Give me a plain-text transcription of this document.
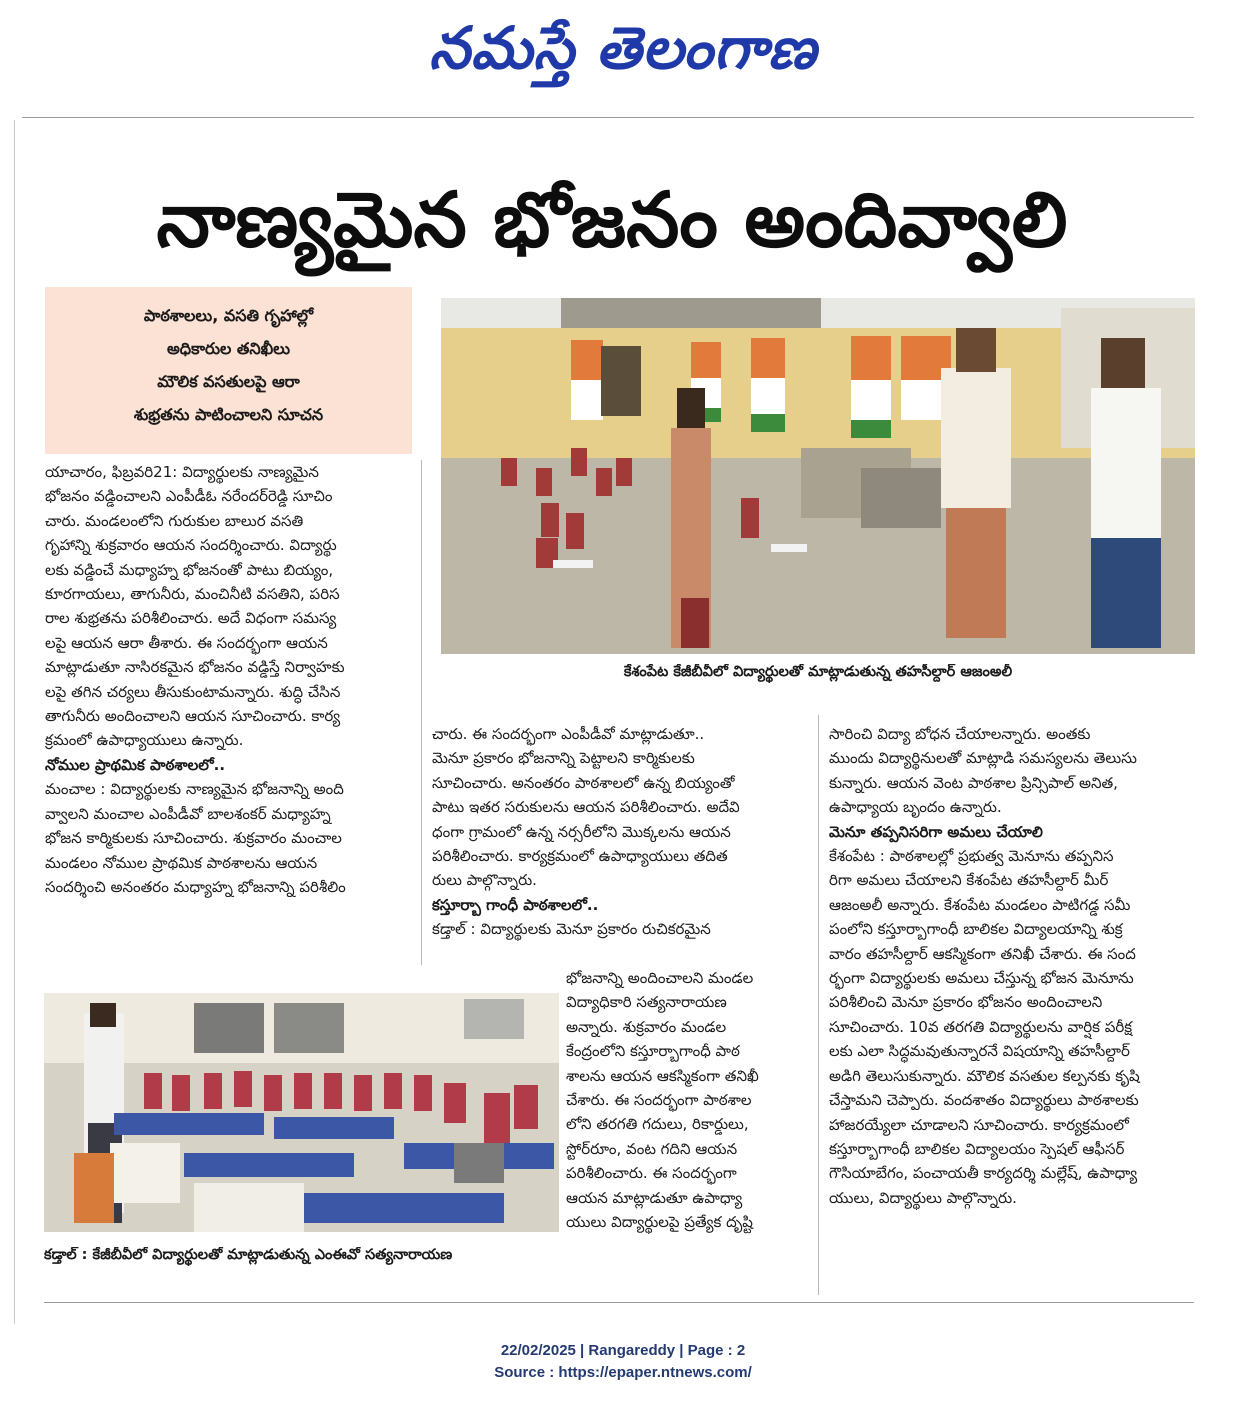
నమస్తే తెలంగాణ
నాణ్యమైన భోజనం అందివ్వాలి
పాఠశాలలు, వసతి గృహాల్లో
అధికారుల తనిఖీలు
మౌలిక వసతులపై ఆరా
శుభ్రతను పాటించాలని సూచన
కేశంపేట కేజీబీవీలో విద్యార్థులతో మాట్లాడుతున్న తహసీల్దార్ ఆజంఅలీ
కడ్తాల్ : కేజీబీవీలో విద్యార్థులతో మాట్లాడుతున్న ఎంఈవో సత్యనారాయణ

యాచారం, ఫిబ్రవరి21: విద్యార్థులకు నాణ్యమైన

భోజనం వడ్డించాలని ఎంపీడీఓ నరేందర్‌రెడ్డి సూచిం

చారు. మండలంలోని గురుకుల బాలుర వసతి

గృహాన్ని శుక్రవారం ఆయన సందర్శించారు. విద్యార్థు

లకు వడ్డించే మధ్యాహ్న భోజనంతో పాటు బియ్యం,

కూరగాయలు, తాగునీరు, మంచినీటి వసతిని, పరిస

రాల శుభ్రతను పరిశీలించారు. అదే విధంగా సమస్య

లపై ఆయన ఆరా తీశారు. ఈ సందర్భంగా ఆయన

మాట్లాడుతూ నాసిరకమైన భోజనం వడ్డిస్తే నిర్వాహకు

లపై తగిన చర్యలు తీసుకుంటామన్నారు. శుద్ధి చేసిన

తాగునీరు అందించాలని ఆయన సూచించారు. కార్య

క్రమంలో ఉపాధ్యాయులు ఉన్నారు.

నోముల ప్రాథమిక పాఠశాలలో..

మంచాల : విద్యార్థులకు నాణ్యమైన భోజనాన్ని అంది

వ్వాలని మంచాల ఎంపీడీవో బాలశంకర్ మధ్యాహ్న

భోజన కార్మికులకు సూచించారు. శుక్రవారం మంచాల

మండలం నోముల ప్రాథమిక పాఠశాలను ఆయన

సందర్శించి అనంతరం మధ్యాహ్న భోజనాన్ని పరిశీలిం

చారు. ఈ సందర్భంగా ఎంపీడీవో మాట్లాడుతూ..

మెనూ ప్రకారం భోజనాన్ని పెట్టాలని కార్మికులకు

సూచించారు. అనంతరం పాఠశాలలో ఉన్న బియ్యంతో

పాటు ఇతర సరుకులను ఆయన పరిశీలించారు. అదేవి

ధంగా గ్రామంలో ఉన్న నర్సరీలోని మొక్కలను ఆయన

పరిశీలించారు. కార్యక్రమంలో ఉపాధ్యాయులు తదిత

రులు పాల్గొన్నారు.

కస్తూర్బా గాంధీ పాఠశాలలో..

కడ్తాల్ : విద్యార్థులకు మెనూ ప్రకారం రుచికరమైన

భోజనాన్ని అందించాలని మండల

విద్యాధికారి సత్యనారాయణ

అన్నారు. శుక్రవారం మండల

కేంద్రంలోని కస్తూర్బాగాంధీ పాఠ

శాలను ఆయన ఆకస్మికంగా తనిఖీ

చేశారు. ఈ సందర్భంగా పాఠశాల

లోని తరగతి గదులు, రికార్డులు,

స్టోర్‌రూం, వంట గదిని ఆయన

పరిశీలించారు. ఈ సందర్భంగా

ఆయన మాట్లాడుతూ ఉపాధ్యా

యులు విద్యార్థులపై ప్రత్యేక దృష్టి

సారించి విద్యా బోధన చేయాలన్నారు. అంతకు

ముందు విద్యార్థినులతో మాట్లాడి సమస్యలను తెలుసు

కున్నారు. ఆయన వెంట పాఠశాల ప్రిన్సిపాల్ అనిత,

ఉపాధ్యాయ బృందం ఉన్నారు.

మెనూ తప్పనిసరిగా అమలు చేయాలి

కేశంపేట : పాఠశాలల్లో ప్రభుత్వ మెనూను తప్పనిస

రిగా అమలు చేయాలని కేశంపేట తహసీల్దార్ మీర్

ఆజంఅలీ అన్నారు. కేశంపేట మండలం పాటిగడ్డ సమీ

పంలోని కస్తూర్బాగాంధీ బాలికల విద్యాలయాన్ని శుక్ర

వారం తహసీల్దార్ ఆకస్మికంగా తనిఖీ చేశారు. ఈ సంద

ర్భంగా విద్యార్థులకు అమలు చేస్తున్న భోజన మెనూను

పరిశీలించి మెనూ ప్రకారం భోజనం అందించాలని

సూచించారు. 10వ తరగతి విద్యార్థులను వార్షిక పరీక్ష

లకు ఎలా సిద్ధమవుతున్నారనే విషయాన్ని తహసీల్దార్

అడిగి తెలుసుకున్నారు. మౌలిక వసతుల కల్పనకు కృషి

చేస్తామని చెప్పారు. వందశాతం విద్యార్థులు పాఠశాలకు

హాజరయ్యేలా చూడాలని సూచించారు. కార్యక్రమంలో

కస్తూర్బాగాంధీ బాలికల విద్యాలయం స్పెషల్ ఆఫీసర్

గౌసియాబేగం, పంచాయతీ కార్యదర్శి మల్లేష్, ఉపాధ్యా

యులు, విద్యార్థులు పాల్గొన్నారు.

22/02/2025 | Rangareddy | Page : 2
Source : https://epaper.ntnews.com/
